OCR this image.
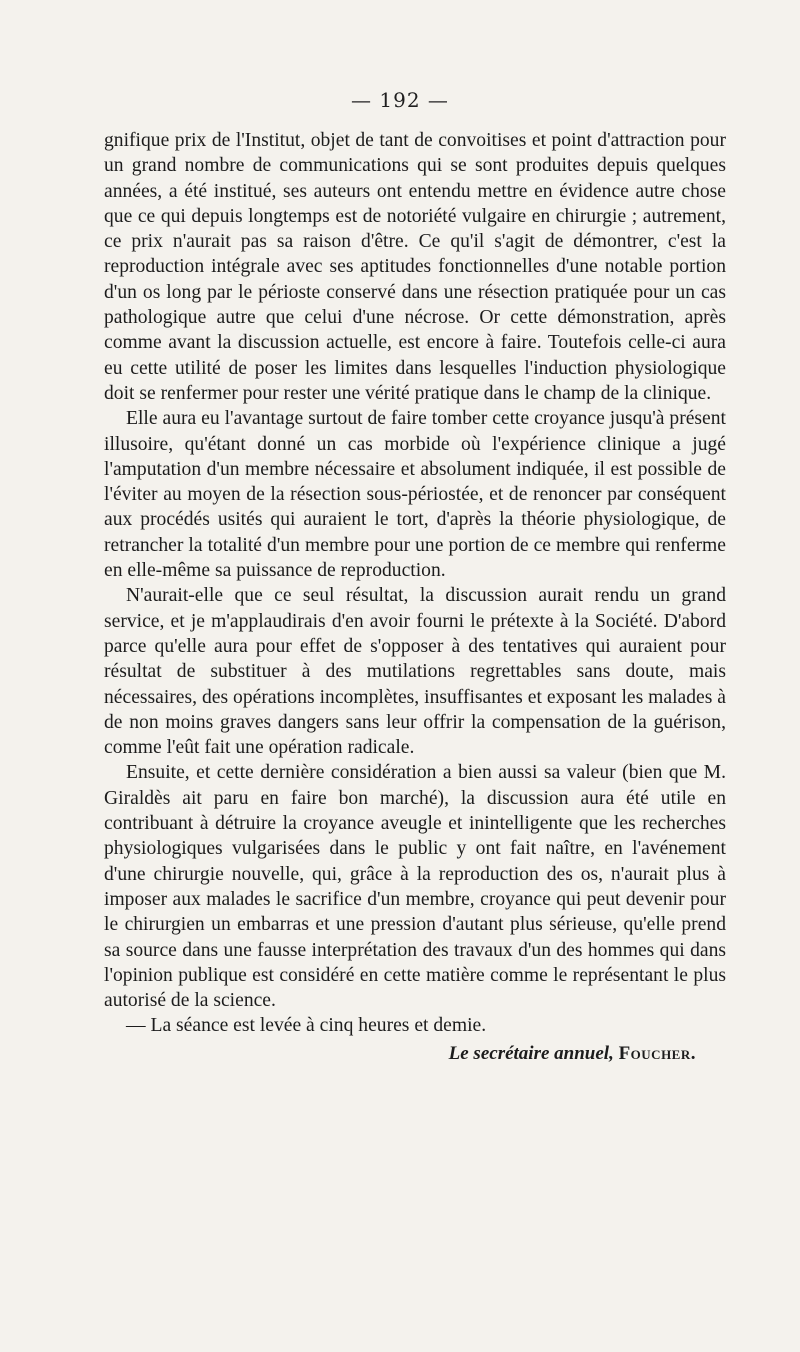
— 192 —

gnifique prix de l'Institut, objet de tant de convoitises et point d'attraction pour un grand nombre de communications qui se sont produites depuis quelques années, a été institué, ses auteurs ont entendu mettre en évidence autre chose que ce qui depuis longtemps est de notoriété vulgaire en chirurgie ; autrement, ce prix n'aurait pas sa raison d'être. Ce qu'il s'agit de démontrer, c'est la reproduction intégrale avec ses aptitudes fonctionnelles d'une notable portion d'un os long par le périoste conservé dans une résection pratiquée pour un cas pathologique autre que celui d'une nécrose. Or cette démonstration, après comme avant la discussion actuelle, est encore à faire. Toutefois celle-ci aura eu cette utilité de poser les limites dans lesquelles l'induction physiologique doit se renfermer pour rester une vérité pratique dans le champ de la clinique.

Elle aura eu l'avantage surtout de faire tomber cette croyance jusqu'à présent illusoire, qu'étant donné un cas morbide où l'expérience clinique a jugé l'amputation d'un membre nécessaire et absolument indiquée, il est possible de l'éviter au moyen de la résection sous-périostée, et de renoncer par conséquent aux procédés usités qui auraient le tort, d'après la théorie physiologique, de retrancher la totalité d'un membre pour une portion de ce membre qui renferme en elle-même sa puissance de reproduction.

N'aurait-elle que ce seul résultat, la discussion aurait rendu un grand service, et je m'applaudirais d'en avoir fourni le prétexte à la Société. D'abord parce qu'elle aura pour effet de s'opposer à des tentatives qui auraient pour résultat de substituer à des mutilations regrettables sans doute, mais nécessaires, des opérations incomplètes, insuffisantes et exposant les malades à de non moins graves dangers sans leur offrir la compensation de la guérison, comme l'eût fait une opération radicale.

Ensuite, et cette dernière considération a bien aussi sa valeur (bien que M. Giraldès ait paru en faire bon marché), la discussion aura été utile en contribuant à détruire la croyance aveugle et inintelligente que les recherches physiologiques vulgarisées dans le public y ont fait naître, en l'avénement d'une chirurgie nouvelle, qui, grâce à la reproduction des os, n'aurait plus à imposer aux malades le sacrifice d'un membre, croyance qui peut devenir pour le chirurgien un embarras et une pression d'autant plus sérieuse, qu'elle prend sa source dans une fausse interprétation des travaux d'un des hommes qui dans l'opinion publique est considéré en cette matière comme le représentant le plus autorisé de la science.

— La séance est levée à cinq heures et demie.

Le secrétaire annuel, Foucher.
